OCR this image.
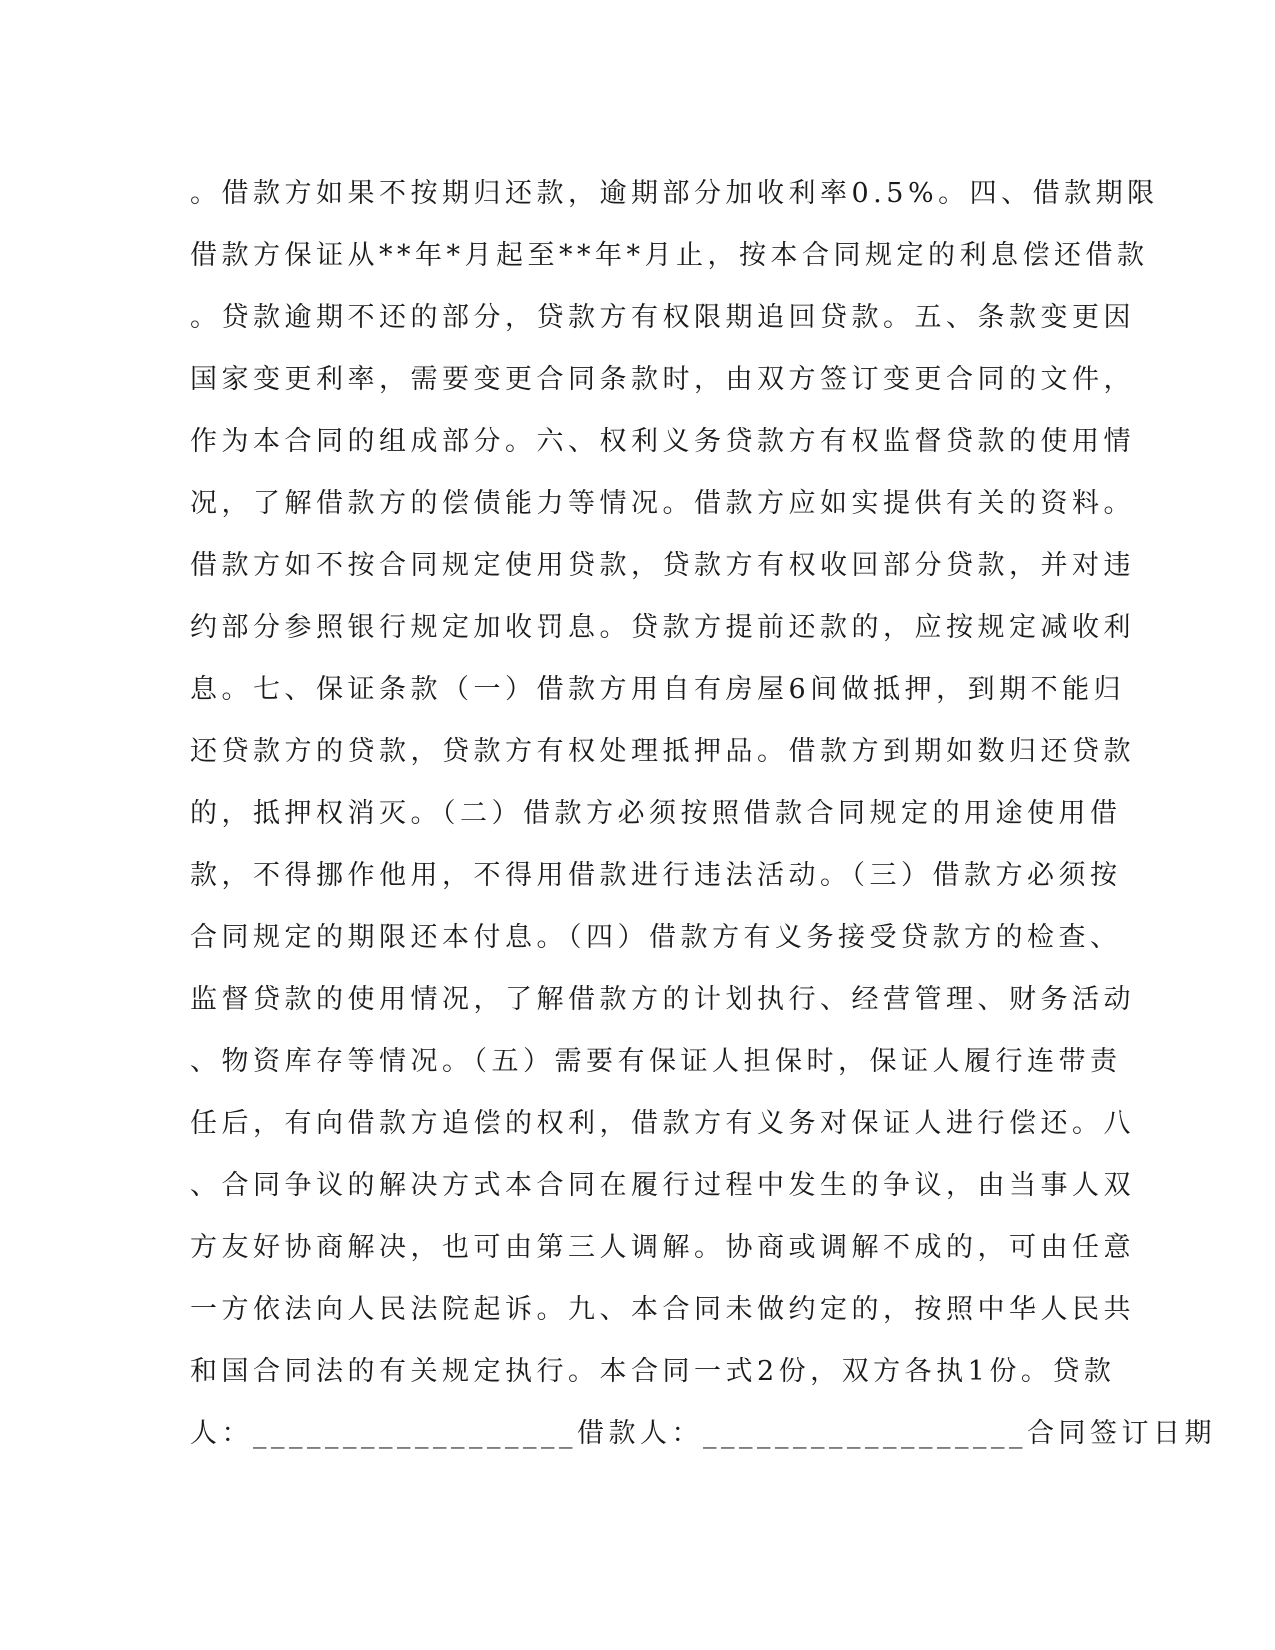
。借款方如果不按期归还款，逾期部分加收利率0.5%。四、借款期限
借款方保证从**年*月起至**年*月止，按本合同规定的利息偿还借款
。贷款逾期不还的部分，贷款方有权限期追回贷款。五、条款变更因
国家变更利率，需要变更合同条款时，由双方签订变更合同的文件，
作为本合同的组成部分。六、权利义务贷款方有权监督贷款的使用情
况，了解借款方的偿债能力等情况。借款方应如实提供有关的资料。
借款方如不按合同规定使用贷款，贷款方有权收回部分贷款，并对违
约部分参照银行规定加收罚息。贷款方提前还款的，应按规定减收利
息。七、保证条款（一）借款方用自有房屋6间做抵押，到期不能归
还贷款方的贷款，贷款方有权处理抵押品。借款方到期如数归还贷款
的，抵押权消灭。（二）借款方必须按照借款合同规定的用途使用借
款，不得挪作他用，不得用借款进行违法活动。（三）借款方必须按
合同规定的期限还本付息。（四）借款方有义务接受贷款方的检查、
监督贷款的使用情况，了解借款方的计划执行、经营管理、财务活动
、物资库存等情况。（五）需要有保证人担保时，保证人履行连带责
任后，有向借款方追偿的权利，借款方有义务对保证人进行偿还。八
、合同争议的解决方式本合同在履行过程中发生的争议，由当事人双
方友好协商解决，也可由第三人调解。协商或调解不成的，可由任意
一方依法向人民法院起诉。九、本合同未做约定的，按照中华人民共
和国合同法的有关规定执行。本合同一式2份，双方各执1份。贷款
人：__________________借款人：__________________合同签订日期
